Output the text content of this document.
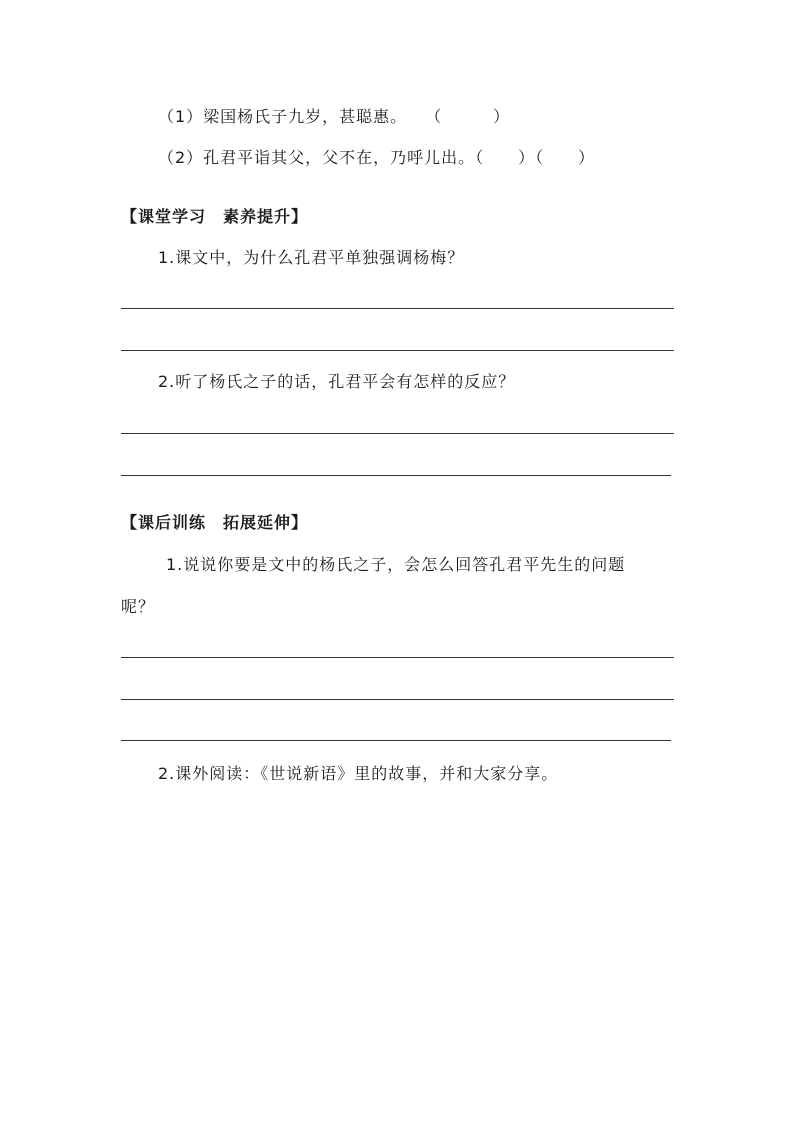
（1）梁国杨氏子九岁，甚聪惠。　　（　　　）
（2）孔君平诣其父，父不在，乃呼儿出。（　　）（　　）
【课堂学习　素养提升】
1.课文中，为什么孔君平单独强调杨梅？
2.听了杨氏之子的话，孔君平会有怎样的反应？
【课后训练　拓展延伸】
1.说说你要是文中的杨氏之子，会怎么回答孔君平先生的问题
呢？
2.课外阅读：《世说新语》里的故事，并和大家分享。
